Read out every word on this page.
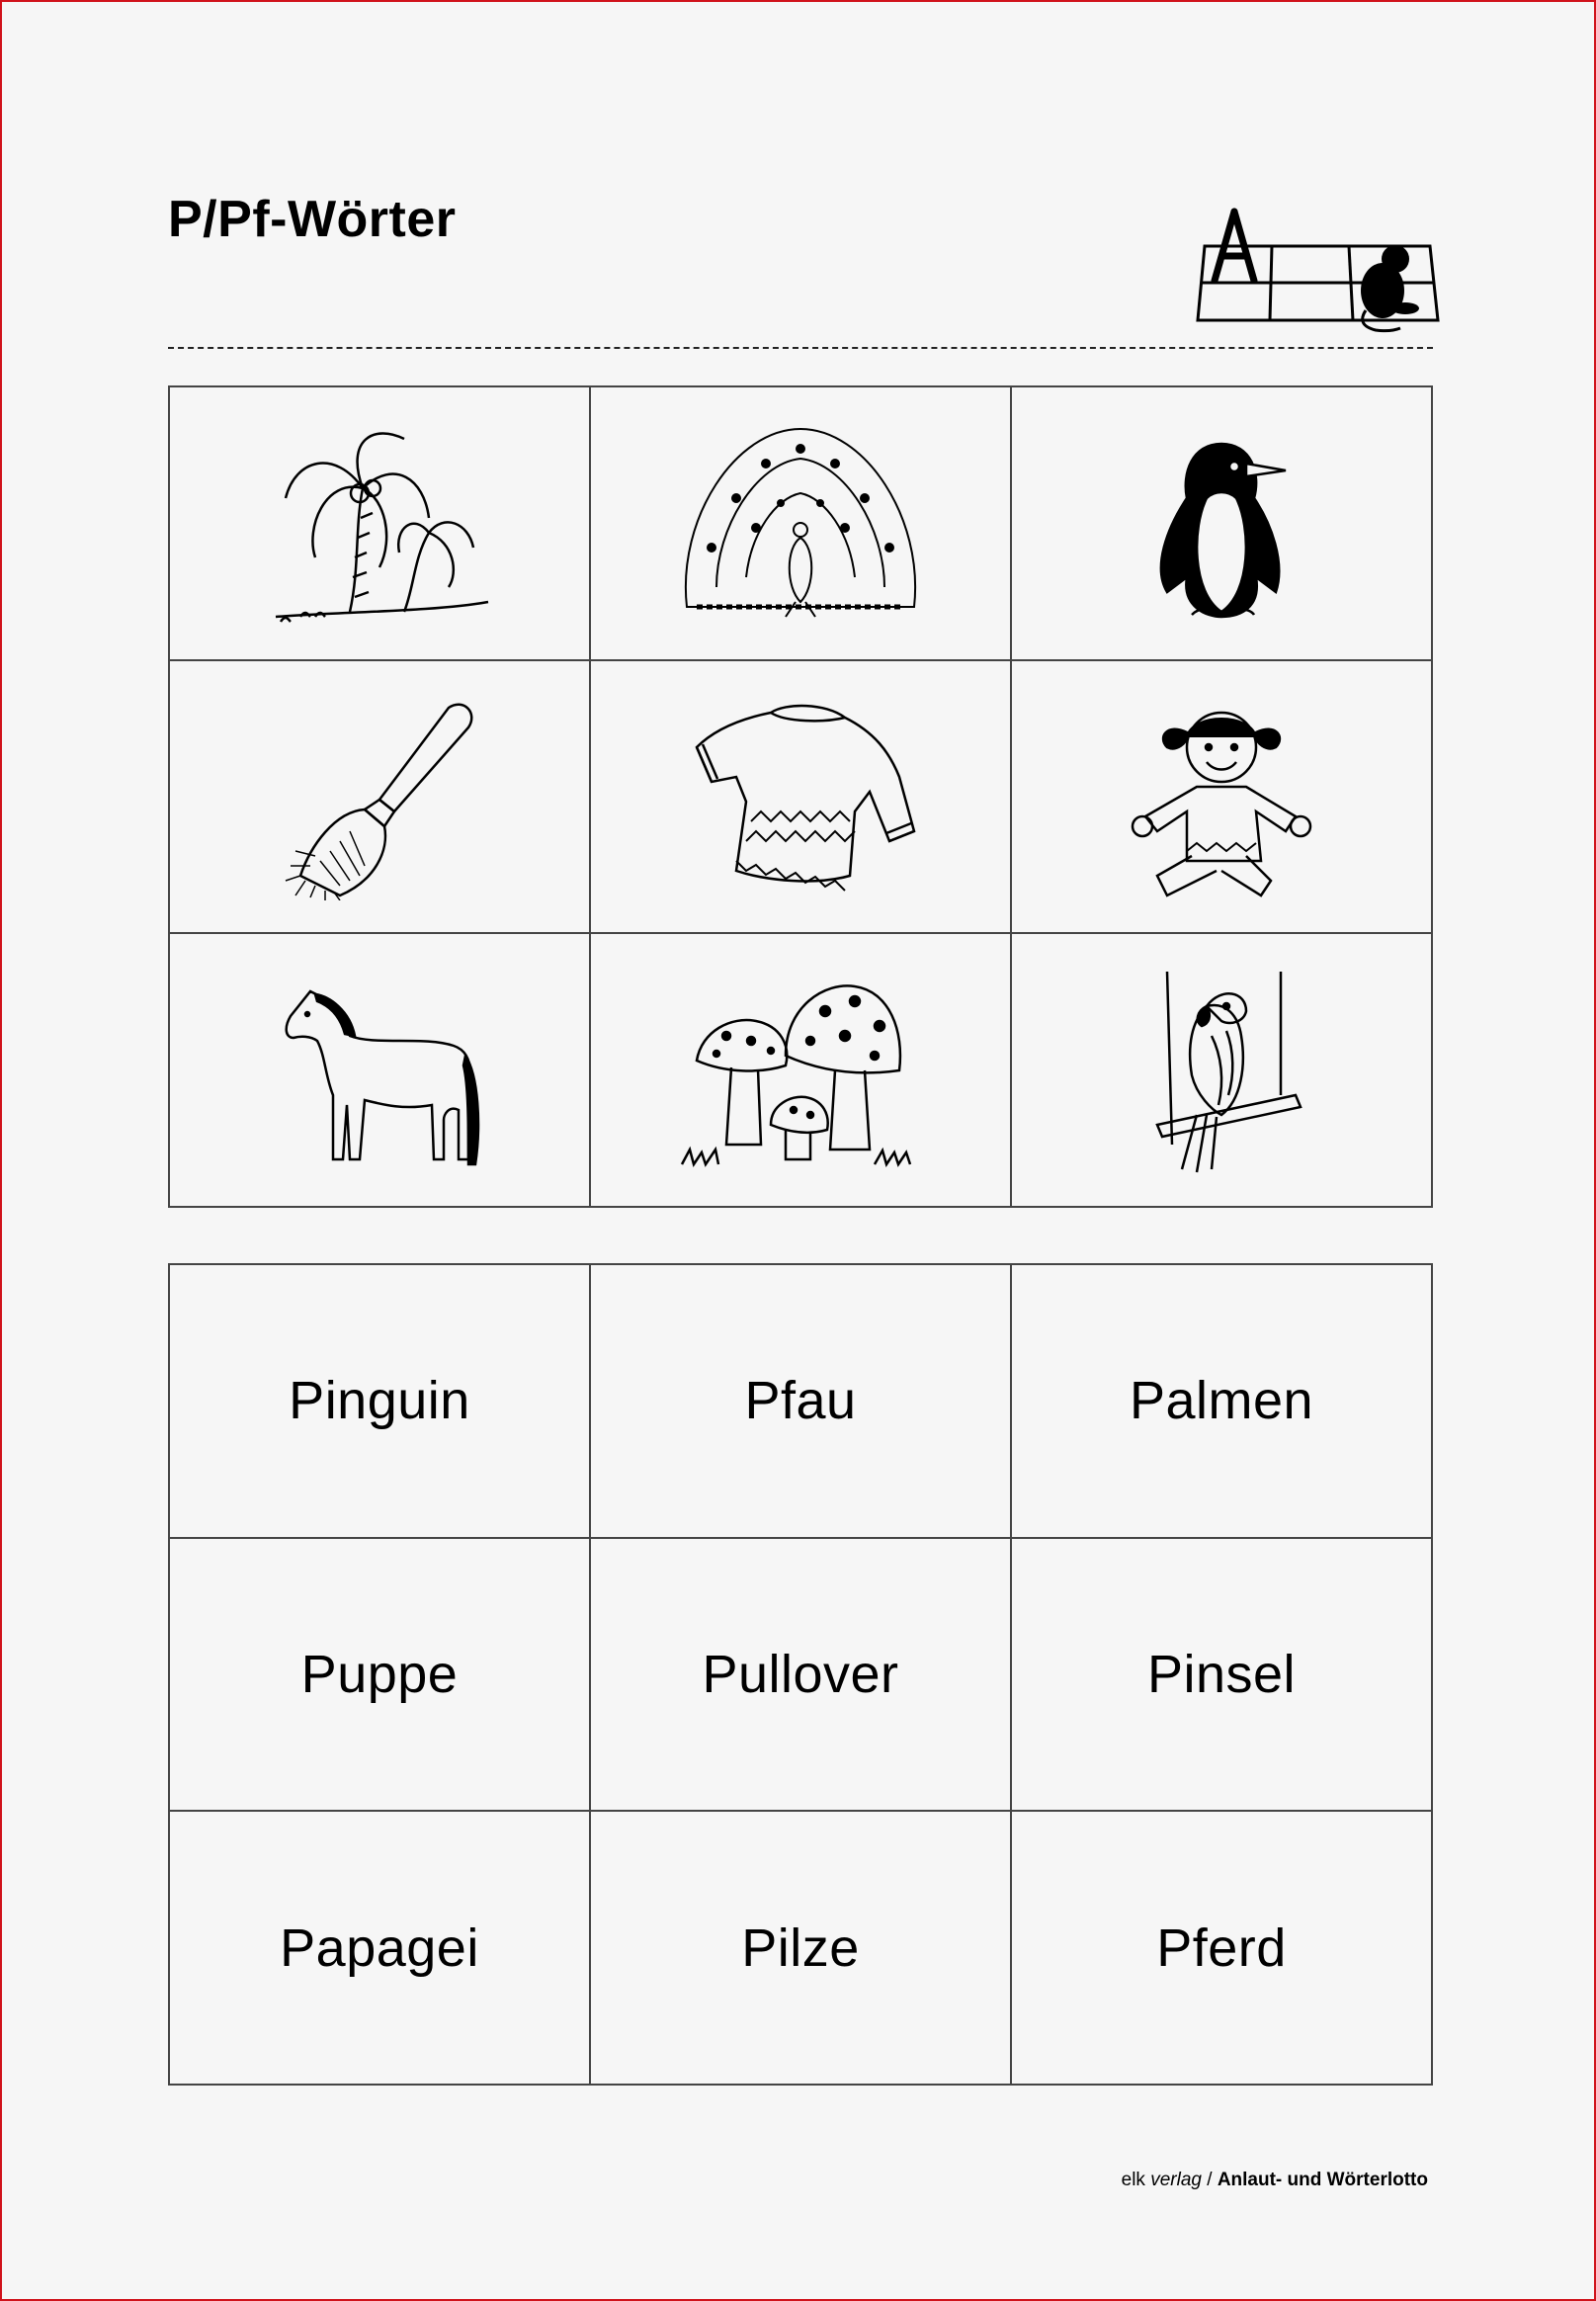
P/Pf-Wörter
Pinguin	Pfau	Palmen
Puppe	Pullover	Pinsel
Papagei	Pilze	Pferd
elk verlag / Anlaut- und Wörterlotto
